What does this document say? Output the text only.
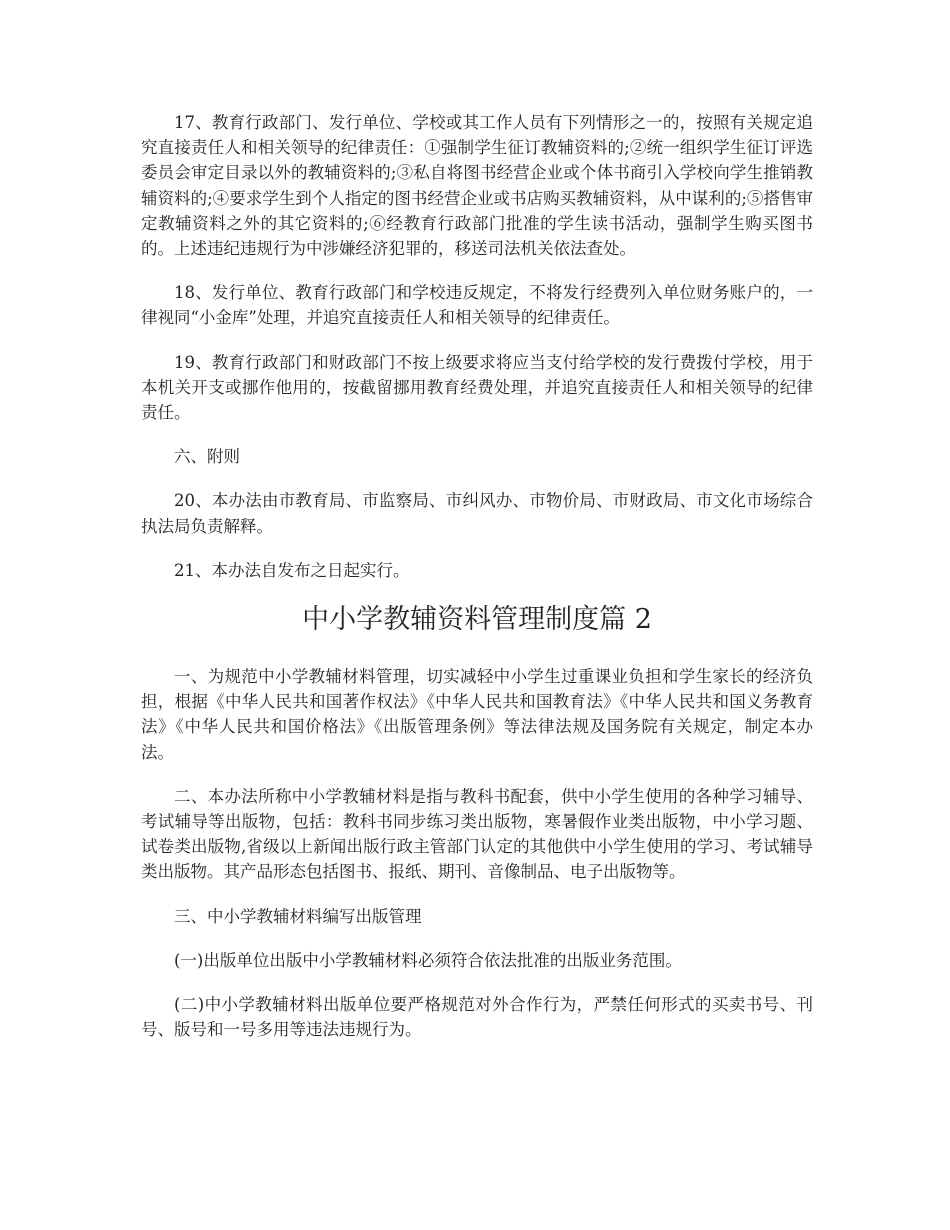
17、教育行政部门、发行单位、学校或其工作人员有下列情形之一的，按照有关规定追究直接责任人和相关领导的纪律责任：①强制学生征订教辅资料的;②统一组织学生征订评选委员会审定目录以外的教辅资料的;③私自将图书经营企业或个体书商引入学校向学生推销教辅资料的;④要求学生到个人指定的图书经营企业或书店购买教辅资料，从中谋利的;⑤搭售审定教辅资料之外的其它资料的;⑥经教育行政部门批准的学生读书活动，强制学生购买图书的。上述违纪违规行为中涉嫌经济犯罪的，移送司法机关依法查处。

18、发行单位、教育行政部门和学校违反规定，不将发行经费列入单位财务账户的，一律视同“小金库”处理，并追究直接责任人和相关领导的纪律责任。

19、教育行政部门和财政部门不按上级要求将应当支付给学校的发行费拨付学校，用于本机关开支或挪作他用的，按截留挪用教育经费处理，并追究直接责任人和相关领导的纪律责任。

六、附则

20、本办法由市教育局、市监察局、市纠风办、市物价局、市财政局、市文化市场综合执法局负责解释。

21、本办法自发布之日起实行。

中小学教辅资料管理制度篇 2

一、为规范中小学教辅材料管理，切实减轻中小学生过重课业负担和学生家长的经济负担，根据《中华人民共和国著作权法》《中华人民共和国教育法》《中华人民共和国义务教育法》《中华人民共和国价格法》《出版管理条例》等法律法规及国务院有关规定，制定本办法。

二、本办法所称中小学教辅材料是指与教科书配套，供中小学生使用的各种学习辅导、考试辅导等出版物，包括：教科书同步练习类出版物，寒暑假作业类出版物，中小学习题、试卷类出版物,省级以上新闻出版行政主管部门认定的其他供中小学生使用的学习、考试辅导类出版物。其产品形态包括图书、报纸、期刊、音像制品、电子出版物等。

三、中小学教辅材料编写出版管理

(一)出版单位出版中小学教辅材料必须符合依法批准的出版业务范围。

(二)中小学教辅材料出版单位要严格规范对外合作行为，严禁任何形式的买卖书号、刊号、版号和一号多用等违法违规行为。
